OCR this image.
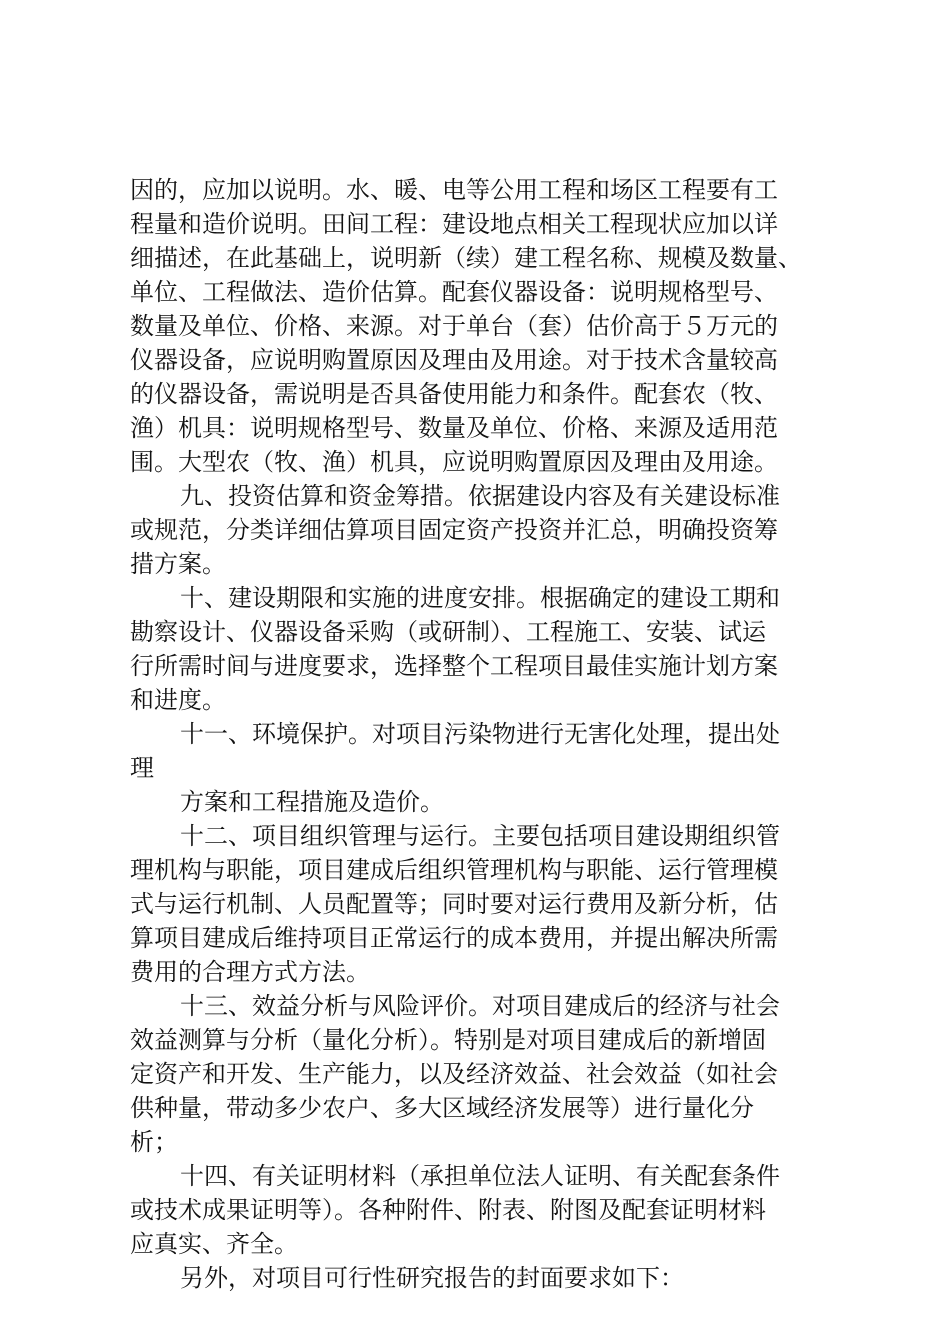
因的，应加以说明。水、暖、电等公用工程和场区工程要有工
程量和造价说明。田间工程：建设地点相关工程现状应加以详
细描述，在此基础上，说明新（续）建工程名称、规模及数量、
单位、工程做法、造价估算。配套仪器设备：说明规格型号、
数量及单位、价格、来源。对于单台（套）估价高于５万元的
仪器设备，应说明购置原因及理由及用途。对于技术含量较高
的仪器设备，需说明是否具备使用能力和条件。配套农（牧、
渔）机具：说明规格型号、数量及单位、价格、来源及适用范
围。大型农（牧、渔）机具，应说明购置原因及理由及用途。
九、投资估算和资金筹措。依据建设内容及有关建设标准
或规范，分类详细估算项目固定资产投资并汇总，明确投资筹
措方案。
十、建设期限和实施的进度安排。根据确定的建设工期和
勘察设计、仪器设备采购（或研制）、工程施工、安装、试运
行所需时间与进度要求，选择整个工程项目最佳实施计划方案
和进度。
十一、环境保护。对项目污染物进行无害化处理，提出处
理
方案和工程措施及造价。
十二、项目组织管理与运行。主要包括项目建设期组织管
理机构与职能，项目建成后组织管理机构与职能、运行管理模
式与运行机制、人员配置等；同时要对运行费用及新分析，估
算项目建成后维持项目正常运行的成本费用，并提出解决所需
费用的合理方式方法。
十三、效益分析与风险评价。对项目建成后的经济与社会
效益测算与分析（量化分析）。特别是对项目建成后的新增固
定资产和开发、生产能力，以及经济效益、社会效益（如社会
供种量，带动多少农户、多大区域经济发展等）进行量化分
析；
十四、有关证明材料（承担单位法人证明、有关配套条件
或技术成果证明等）。各种附件、附表、附图及配套证明材料
应真实、齐全。
另外，对项目可行性研究报告的封面要求如下：
